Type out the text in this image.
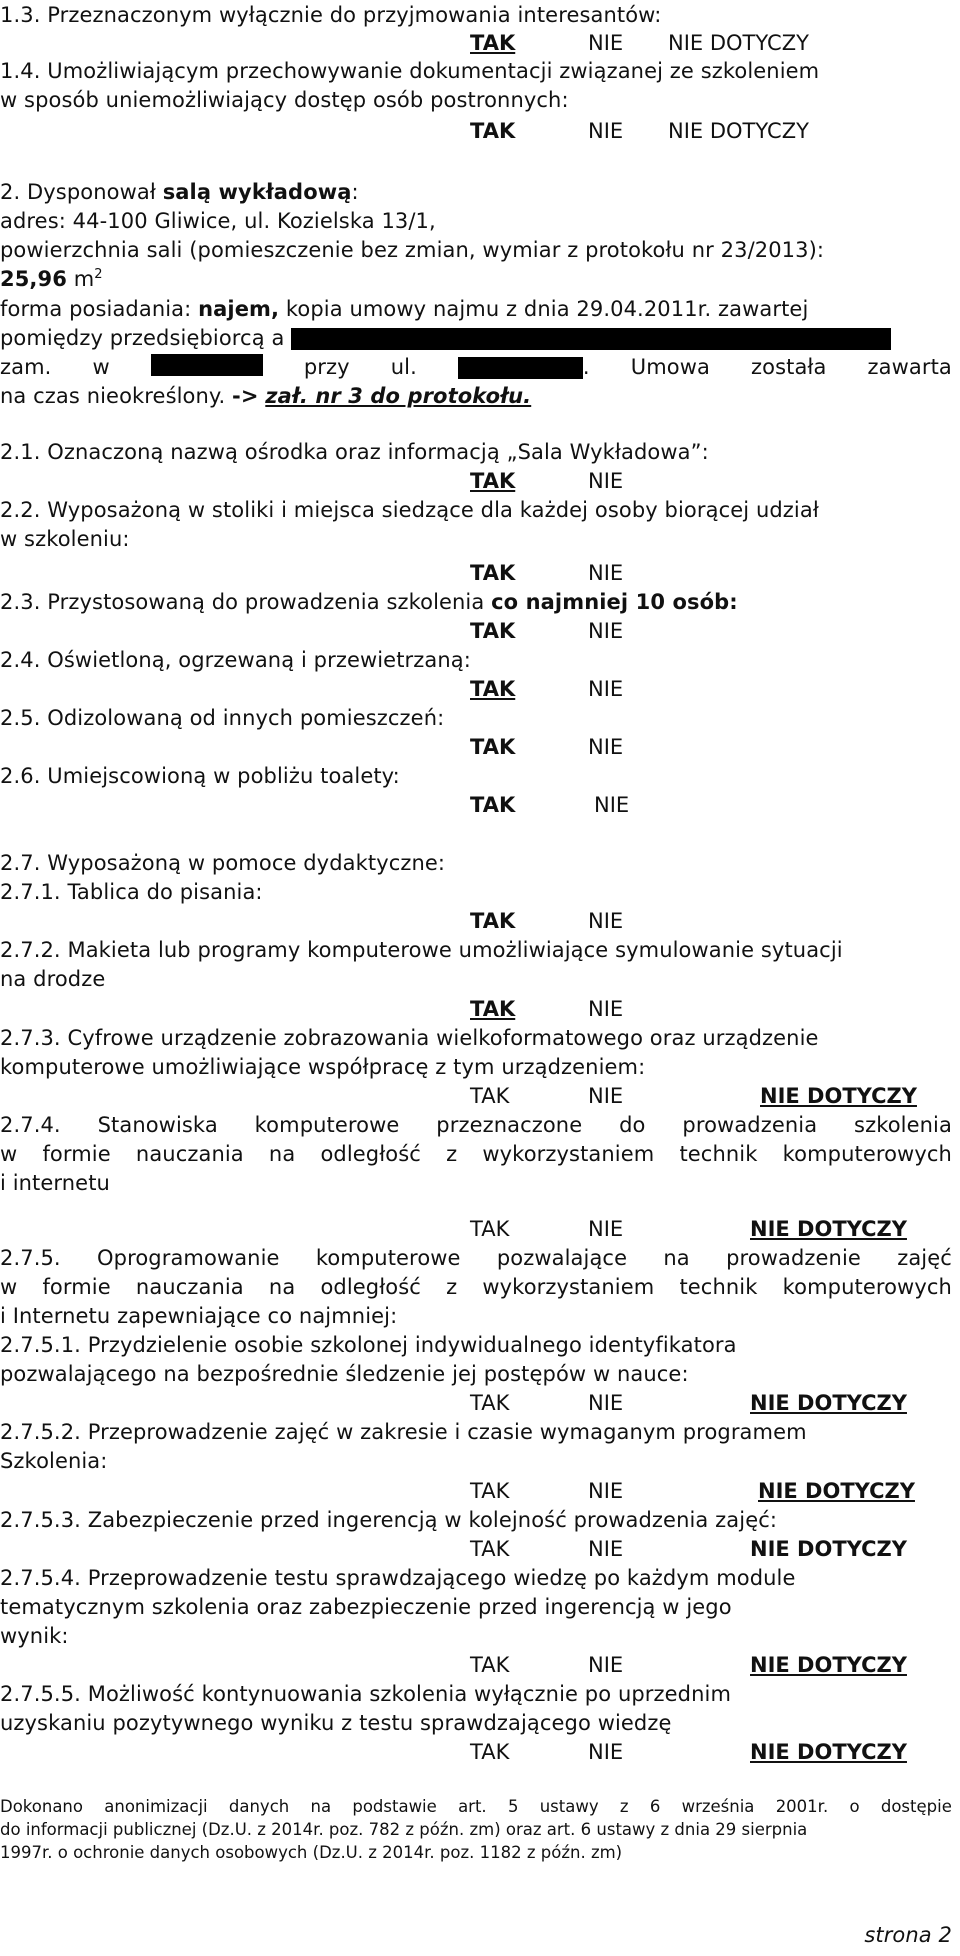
1.3. Przeznaczonym wyłącznie do przyjmowania interesantów:
TAK	NIE NIE DOTYCZY
1.4. Umożliwiającym przechowywanie dokumentacji związanej ze szkoleniem
w sposób uniemożliwiający dostęp osób postronnych:
TAK	NIE NIE DOTYCZY
2. Dysponował salą wykładową:
adres: 44-100 Gliwice, ul. Kozielska 13/1,
powierzchnia sali (pomieszczenie bez zmian, wymiar z protokołu nr 23/2013):
25,96 $m^2$
forma posiadania: najem, kopia umowy najmu z dnia 29.04.2011r. zawartej
pomiędzy przedsiębiorcą a
zam. w	przy ul.	. Umowa została zawarta
na czas nieokreślony. -> zał. nr 3 do protokołu.
2.1. Oznaczoną nazwą ośrodka oraz informacją „Sala Wykładowa”:
TAK	NIE
2.2. Wyposażoną w stoliki i miejsca siedzące dla każdej osoby biorącej udział
w szkoleniu:
TAK	NIE
2.3. Przystosowaną do prowadzenia szkolenia co najmniej 10 osób:
TAK	NIE
2.4. Oświetloną, ogrzewaną i przewietrzaną:
TAK	NIE
2.5. Odizolowaną od innych pomieszczeń:
TAK	NIE
2.6. Umiejscowioną w pobliżu toalety:
TAK	NIE
2.7. Wyposażoną w pomoce dydaktyczne:
2.7.1. Tablica do pisania:
TAK	NIE
2.7.2. Makieta lub programy komputerowe umożliwiające symulowanie sytuacji
na drodze
TAK	NIE
2.7.3. Cyfrowe urządzenie zobrazowania wielkoformatowego oraz urządzenie
komputerowe umożliwiające współpracę z tym urządzeniem:
TAK	NIE	NIE DOTYCZY
2.7.4. Stanowiska komputerowe przeznaczone do prowadzenia szkolenia
w formie nauczania na odległość z wykorzystaniem technik komputerowych
i internetu
TAK	NIE	NIE DOTYCZY
2.7.5. Oprogramowanie komputerowe pozwalające na prowadzenie zajęć
w formie nauczania na odległość z wykorzystaniem technik komputerowych
i Internetu zapewniające co najmniej:
2.7.5.1. Przydzielenie osobie szkolonej indywidualnego identyfikatora
pozwalającego na bezpośrednie śledzenie jej postępów w nauce:
TAK	NIE	NIE DOTYCZY
2.7.5.2. Przeprowadzenie zajęć w zakresie i czasie wymaganym programem
Szkolenia:
TAK	NIE	NIE DOTYCZY
2.7.5.3. Zabezpieczenie przed ingerencją w kolejność prowadzenia zajęć:
TAK	NIE	NIE DOTYCZY
2.7.5.4. Przeprowadzenie testu sprawdzającego wiedzę po każdym module
tematycznym szkolenia oraz zabezpieczenie przed ingerencją w jego
wynik:
TAK	NIE	NIE DOTYCZY
2.7.5.5. Możliwość kontynuowania szkolenia wyłącznie po uprzednim
uzyskaniu pozytywnego wyniku z testu sprawdzającego wiedzę
TAK	NIE	NIE DOTYCZY
Dokonano anonimizacji danych na podstawie art. 5 ustawy z 6 września 2001r. o dostępie
do informacji publicznej (Dz.U. z 2014r. poz. 782 z późn. zm) oraz art. 6 ustawy z dnia 29 sierpnia
1997r. o ochronie danych osobowych (Dz.U. z 2014r. poz. 1182 z późn. zm)
strona 2
